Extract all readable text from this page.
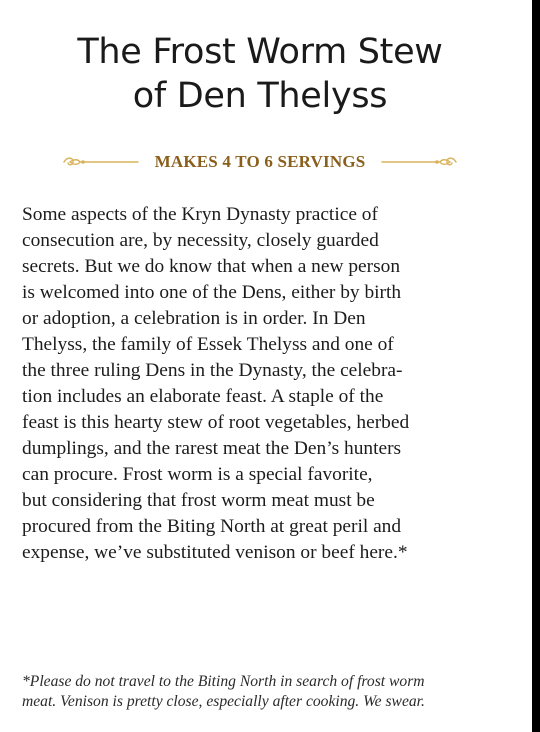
The Frost Worm Stew
of Den Thelyss
MAKES 4 TO 6 SERVINGS

Some aspects of the Kryn Dynasty practice of
consecution are, by necessity, closely guarded
secrets. But we do know that when a new person
is welcomed into one of the Dens, either by birth
or adoption, a celebration is in order. In Den
Thelyss, the family of Essek Thelyss and one of
the three ruling Dens in the Dynasty, the celebra-
tion includes an elaborate feast. A staple of the
feast is this hearty stew of root vegetables, herbed
dumplings, and the rarest meat the Den’s hunters
can procure. Frost worm is a special favorite,
but considering that frost worm meat must be
procured from the Biting North at great peril and
expense, we’ve substituted venison or beef here.*

*Please do not travel to the Biting North in search of frost worm
meat. Venison is pretty close, especially after cooking. We swear.
